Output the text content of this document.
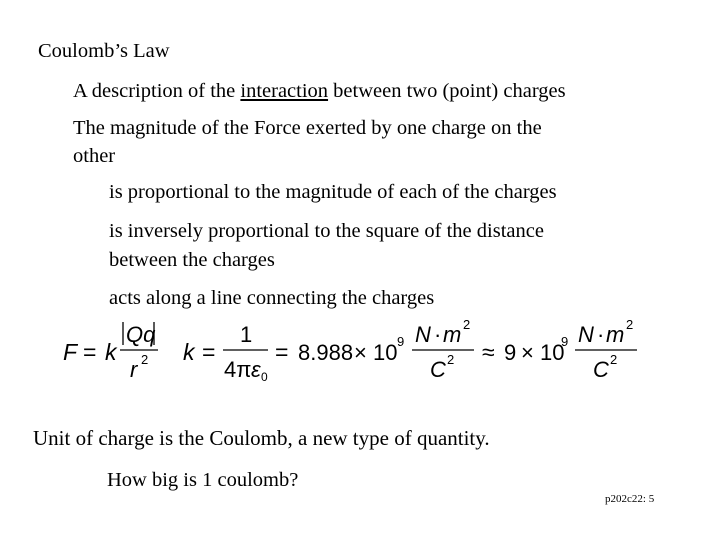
Coulomb’s Law
A description of the interaction between two (point) charges
The magnitude of the Force exerted by one charge on the
other
is proportional to the magnitude of each of the charges
is inversely proportional to the square of the distance
between the charges
acts along a line connecting the charges
F = k
Qq
r 2 k =
1
4π ε 0
= 8.988 × 10 9 N · m 2
C 2 ≈ 9 × 10
9 N · m 2
C 2
Unit of charge is the Coulomb, a new type of quantity.
How big is 1 coulomb?
p202c22: 5
